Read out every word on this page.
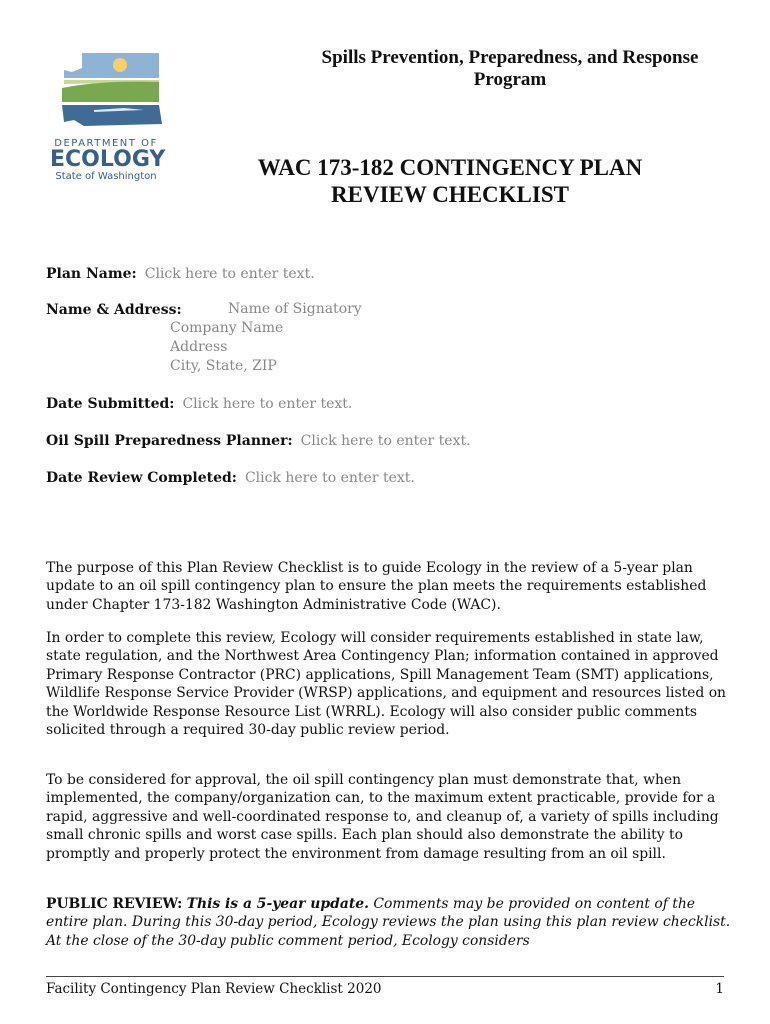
DEPARTMENT OF
ECOLOGY
State of Washington
Spills Prevention, Preparedness, and Response Program
WAC 173-182 CONTINGENCY PLAN REVIEW CHECKLIST
Plan Name: Click here to enter text.
Name & Address:	Name of Signatory
Company Name
Address
City, State, ZIP
Date Submitted: Click here to enter text.
Oil Spill Preparedness Planner: Click here to enter text.
Date Review Completed: Click here to enter text.

The purpose of this Plan Review Checklist is to guide Ecology in the review of a 5-year plan update to an oil spill contingency plan to ensure the plan meets the requirements established under Chapter 173-182 Washington Administrative Code (WAC).

In order to complete this review, Ecology will consider requirements established in state law, state regulation, and the Northwest Area Contingency Plan; information contained in approved Primary Response Contractor (PRC) applications, Spill Management Team (SMT) applications, Wildlife Response Service Provider (WRSP) applications, and equipment and resources listed on the Worldwide Response Resource List (WRRL). Ecology will also consider public comments solicited through a required 30-day public review period.

To be considered for approval, the oil spill contingency plan must demonstrate that, when implemented, the company/organization can, to the maximum extent practicable, provide for a rapid, aggressive and well-coordinated response to, and cleanup of, a variety of spills including small chronic spills and worst case spills. Each plan should also demonstrate the ability to promptly and properly protect the environment from damage resulting from an oil spill.

PUBLIC REVIEW: This is a 5-year update. Comments may be provided on content of the entire plan. During this 30-day period, Ecology reviews the plan using this plan review checklist. At the close of the 30-day public comment period, Ecology considers

Facility Contingency Plan Review Checklist 2020	1
